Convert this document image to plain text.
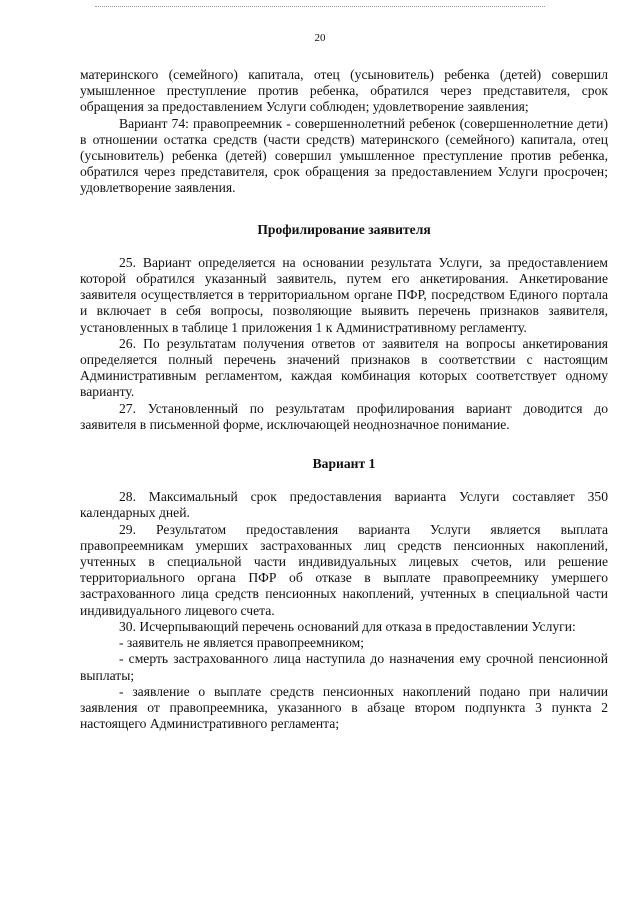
20

материнского (семейного) капитала, отец (усыновитель) ребенка (детей) совершил умышленное преступление против ребенка, обратился через представителя, срок обращения за предоставлением Услуги соблюден; удовлетворение заявления;

Вариант 74: правопреемник - совершеннолетний ребенок (совершеннолетние дети) в отношении остатка средств (части средств) материнского (семейного) капитала, отец (усыновитель) ребенка (детей) совершил умышленное преступление против ребенка, обратился через представителя, срок обращения за предоставлением Услуги просрочен; удовлетворение заявления.

Профилирование заявителя

25. Вариант определяется на основании результата Услуги, за предоставлением которой обратился указанный заявитель, путем его анкетирования. Анкетирование заявителя осуществляется в территориальном органе ПФР, посредством Единого портала и включает в себя вопросы, позволяющие выявить перечень признаков заявителя, установленных в таблице 1 приложения 1 к Административному регламенту.

26. По результатам получения ответов от заявителя на вопросы анкетирования определяется полный перечень значений признаков в соответствии с настоящим Административным регламентом, каждая комбинация которых соответствует одному варианту.

27. Установленный по результатам профилирования вариант доводится до заявителя в письменной форме, исключающей неоднозначное понимание.

Вариант 1

28. Максимальный срок предоставления варианта Услуги составляет 350 календарных дней.

29. Результатом предоставления варианта Услуги является выплата правопреемникам умерших застрахованных лиц средств пенсионных накоплений, учтенных в специальной части индивидуальных лицевых счетов, или решение территориального органа ПФР об отказе в выплате правопреемнику умершего застрахованного лица средств пенсионных накоплений, учтенных в специальной части индивидуального лицевого счета.

30. Исчерпывающий перечень оснований для отказа в предоставлении Услуги:

- заявитель не является правопреемником;

- смерть застрахованного лица наступила до назначения ему срочной пенсионной выплаты;

- заявление о выплате средств пенсионных накоплений подано при наличии заявления от правопреемника, указанного в абзаце втором подпункта 3 пункта 2 настоящего Административного регламента;
